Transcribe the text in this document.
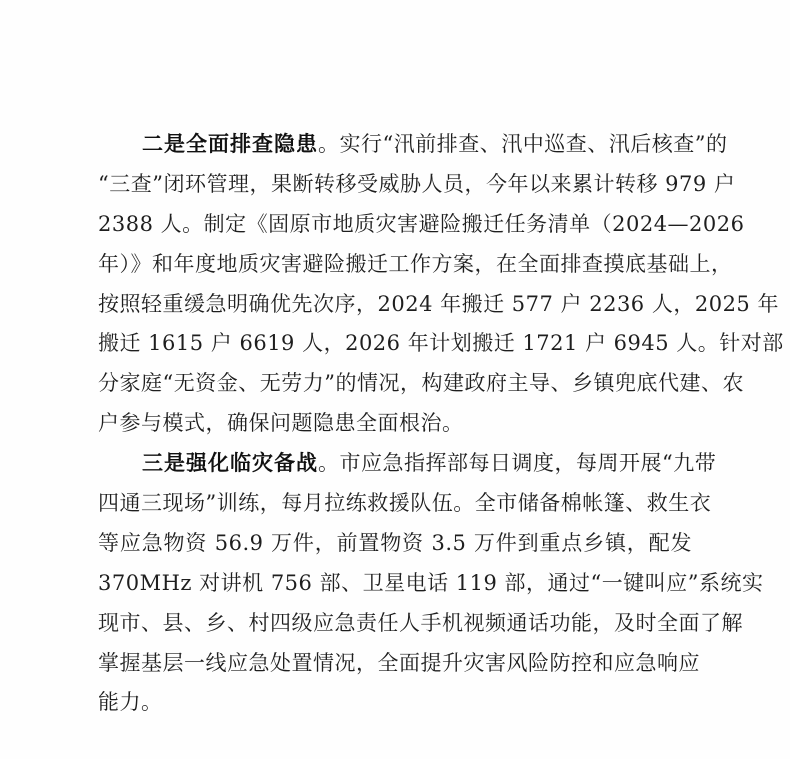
二是全面排查隐患。实行“汛前排查、汛中巡查、汛后核查”的
“三查”闭环管理，果断转移受威胁人员，今年以来累计转移 979 户
2388 人。制定《固原市地质灾害避险搬迁任务清单（2024—2026
年）》和年度地质灾害避险搬迁工作方案，在全面排查摸底基础上，
按照轻重缓急明确优先次序，2024 年搬迁 577 户 2236 人，2025 年
搬迁 1615 户 6619 人，2026 年计划搬迁 1721 户 6945 人。针对部
分家庭“无资金、无劳力”的情况，构建政府主导、乡镇兜底代建、农
户参与模式，确保问题隐患全面根治。
三是强化临灾备战。市应急指挥部每日调度，每周开展“九带
四通三现场”训练，每月拉练救援队伍。全市储备棉帐篷、救生衣
等应急物资 56.9 万件，前置物资 3.5 万件到重点乡镇，配发
370MHz 对讲机 756 部、卫星电话 119 部，通过“一键叫应”系统实
现市、县、乡、村四级应急责任人手机视频通话功能，及时全面了解
掌握基层一线应急处置情况，全面提升灾害风险防控和应急响应
能力。
